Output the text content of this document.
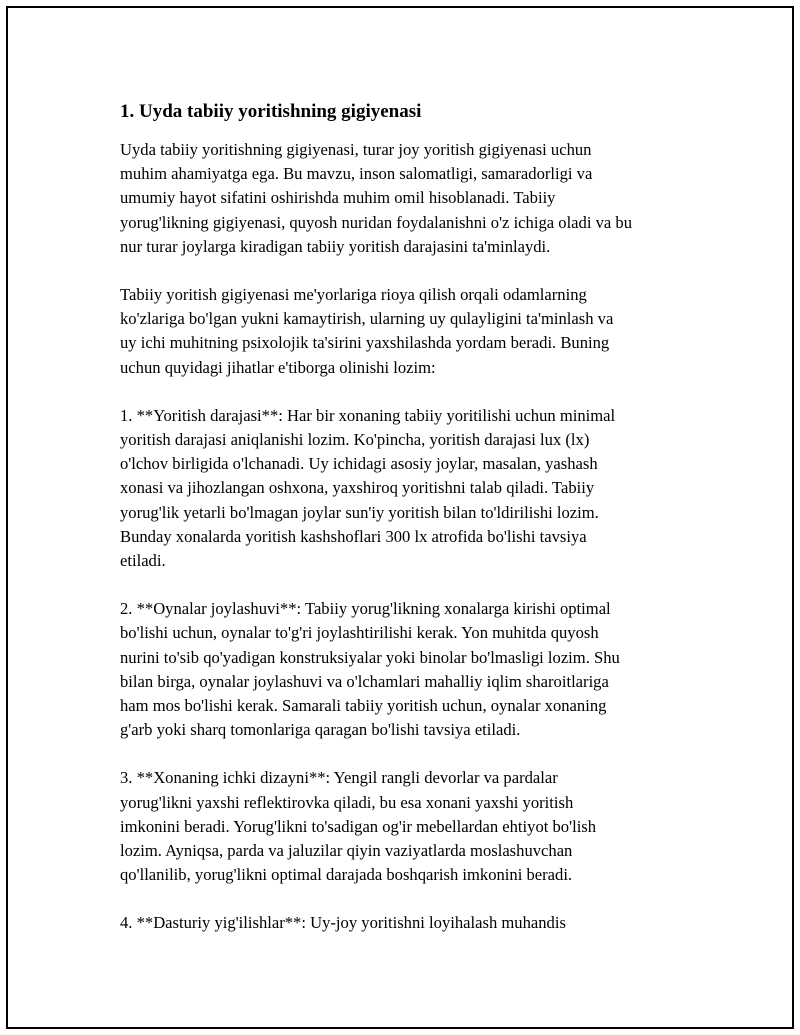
1. Uyda tabiiy yoritishning gigiyenasi
Uyda tabiiy yoritishning gigiyenasi, turar joy yoritish gigiyenasi uchun
muhim ahamiyatga ega. Bu mavzu, inson salomatligi, samaradorligi va
umumiy hayot sifatini oshirishda muhim omil hisoblanadi. Tabiiy
yorug'likning gigiyenasi, quyosh nuridan foydalanishni o'z ichiga oladi va bu
nur turar joylarga kiradigan tabiiy yoritish darajasini ta'minlaydi.
Tabiiy yoritish gigiyenasi me'yorlariga rioya qilish orqali odamlarning
ko'zlariga bo'lgan yukni kamaytirish, ularning uy qulayligini ta'minlash va
uy ichi muhitning psixolojik ta'sirini yaxshilashda yordam beradi. Buning
uchun quyidagi jihatlar e'tiborga olinishi lozim:
1. **Yoritish darajasi**: Har bir xonaning tabiiy yoritilishi uchun minimal
yoritish darajasi aniqlanishi lozim. Ko'pincha, yoritish darajasi lux (lx)
o'lchov birligida o'lchanadi. Uy ichidagi asosiy joylar, masalan, yashash
xonasi va jihozlangan oshxona, yaxshiroq yoritishni talab qiladi. Tabiiy
yorug'lik yetarli bo'lmagan joylar sun'iy yoritish bilan to'ldirilishi lozim.
Bunday xonalarda yoritish kashshoflari 300 lx atrofida bo'lishi tavsiya
etiladi.
2. **Oynalar joylashuvi**: Tabiiy yorug'likning xonalarga kirishi optimal
bo'lishi uchun, oynalar to'g'ri joylashtirilishi kerak. Yon muhitda quyosh
nurini to'sib qo'yadigan konstruksiyalar yoki binolar bo'lmasligi lozim. Shu
bilan birga, oynalar joylashuvi va o'lchamlari mahalliy iqlim sharoitlariga
ham mos bo'lishi kerak. Samarali tabiiy yoritish uchun, oynalar xonaning
g'arb yoki sharq tomonlariga qaragan bo'lishi tavsiya etiladi.
3. **Xonaning ichki dizayni**: Yengil rangli devorlar va pardalar
yorug'likni yaxshi reflektirovka qiladi, bu esa xonani yaxshi yoritish
imkonini beradi. Yorug'likni to'sadigan og'ir mebellardan ehtiyot bo'lish
lozim. Ayniqsa, parda va jaluzilar qiyin vaziyatlarda moslashuvchan
qo'llanilib, yorug'likni optimal darajada boshqarish imkonini beradi.
4. **Dasturiy yig'ilishlar**: Uy-joy yoritishni loyihalash muhandis
